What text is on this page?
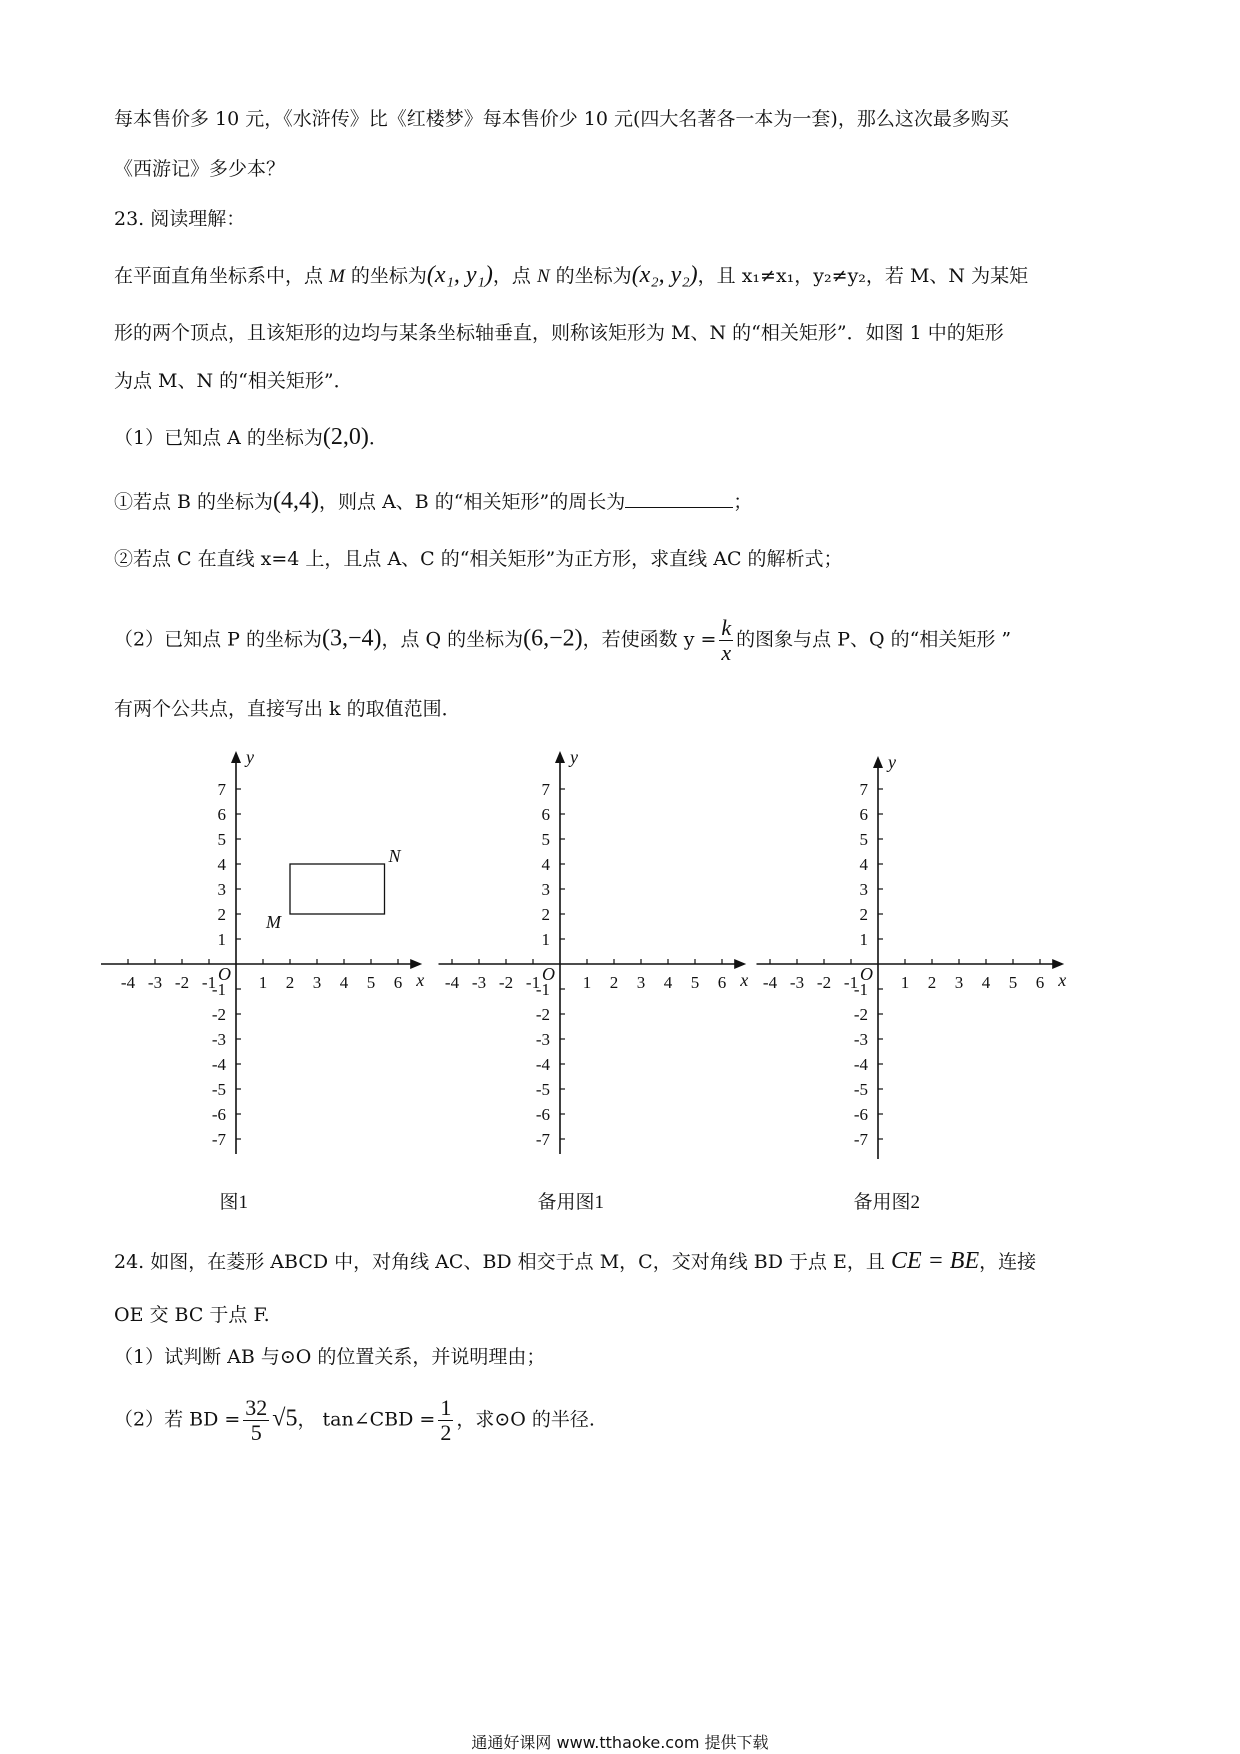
每本售价多 10 元，《水浒传》比《红楼梦》每本售价少 10 元(四大名著各一本为一套)，那么这次最多购买
《西游记》多少本？
23. 阅读理解：
在平面直角坐标系中，点 M 的坐标为(x₁, y₁)，点 N 的坐标为(x₂, y₂)，且 x₁≠x₁，y₂≠y₂，若 M、N 为某矩
形的两个顶点，且该矩形的边均与某条坐标轴垂直，则称该矩形为 M、N 的“相关矩形”．如图 1 中的矩形
为点 M、N 的“相关矩形”．
（1）已知点 A 的坐标为(2,0)．
①若点 B 的坐标为(4,4)，则点 A、B 的“相关矩形”的周长为	；
②若点 C 在直线 x=4 上，且点 A、C 的“相关矩形”为正方形，求直线 AC 的解析式；
（2）已知点 P 的坐标为(3,−4)，点 Q 的坐标为(6,−2)，若使函数 $y = \frac{k}{x}$ 的图象与点 P、Q 的“相关矩形 ”
有两个公共点，直接写出 k 的取值范围．
-4 -3 -2 -1	1 2 3 4 5 6
7
6
5
4
3
2
1
-1
-2
-3
-4
-5
-6
-7
x
y
O
M
N
图1
-4 -3 -2 -1	1 2 3 4 5 6
7
6
5
4
3
2
1
-1
-2
-3
-4
-5
-6
-7
x
y
O
备用图1
-4 -3 -2 -1	1 2 3 4 5 6
7
6
5
4
3
2
1
-1
-2
-3
-4
-5
-6
-7
x
y
O
备用图2
24. 如图，在菱形 ABCD 中，对角线 AC、BD 相交于点 M，C，交对角线 BD 于点 E，且 CE = BE，连接
OE 交 BC 于点 F.
（1）试判断 AB 与⊙O 的位置关系，并说明理由；
（2）若 BD = $\frac{32}{5} √5$， tan∠CBD = $\frac{1}{2}$ ，求⊙O 的半径.
通通好课网 www.tthaoke.com 提供下载
